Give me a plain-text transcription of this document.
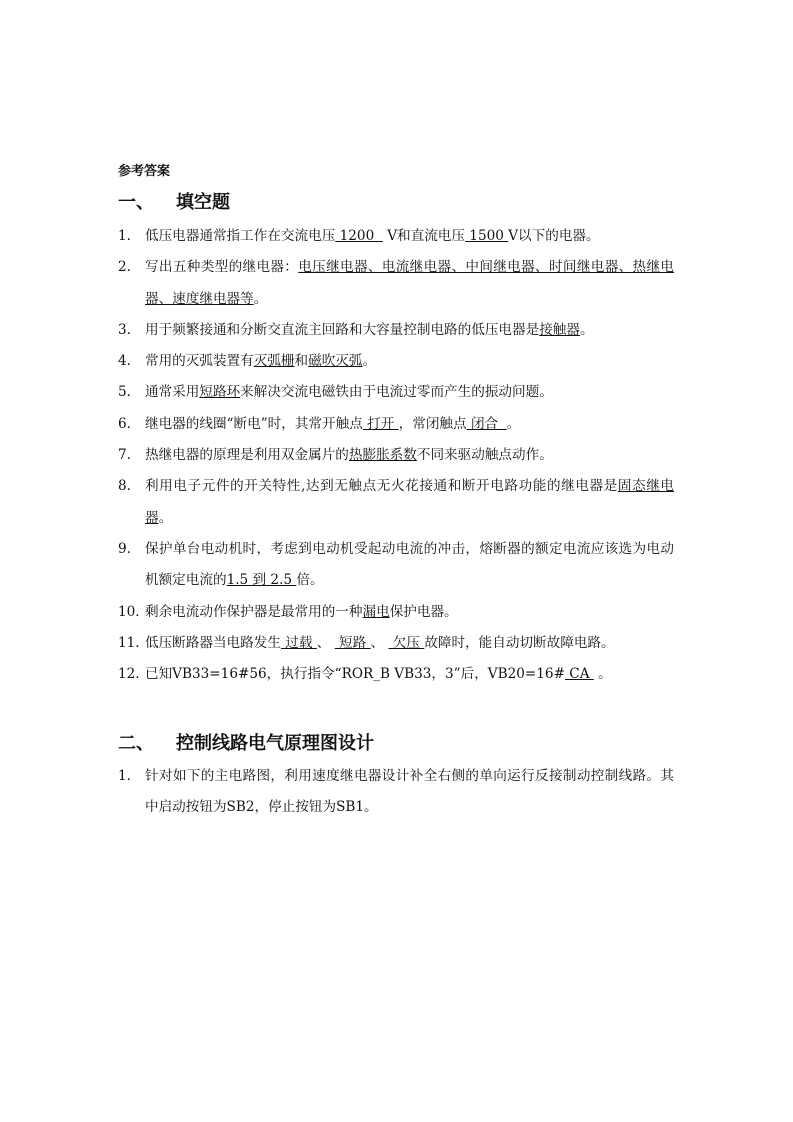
参考答案
一、 填空题
1. 低压电器通常指工作在交流电压 1200   V和直流电压 1500 V以下的电器。
2. 写出五种类型的继电器：电压继电器、电流继电器、中间继电器、时间继电器、热继电器、速度继电器等。
3. 用于频繁接通和分断交直流主回路和大容量控制电路的低压电器是接触器。
4. 常用的灭弧装置有灭弧栅和磁吹灭弧。
5. 通常采用短路环来解决交流电磁铁由于电流过零而产生的振动问题。
6. 继电器的线圈“断电”时，其常开触点 打开 ，常闭触点 闭合  。
7. 热继电器的原理是利用双金属片的热膨胀系数不同来驱动触点动作。
8. 利用电子元件的开关特性,达到无触点无火花接通和断开电路功能的继电器是固态继电器。
9. 保护单台电动机时，考虑到电动机受起动电流的冲击，熔断器的额定电流应该选为电动机额定电流的1.5 到 2.5 倍。
10. 剩余电流动作保护器是最常用的一种漏电保护电器。
11. 低压断路器当电路发生 过载 、  短路 、  欠压 故障时，能自动切断故障电路。
12. 已知VB33=16#56，执行指令“ROR_B VB33，3”后，VB20=16# CA  。
二、 控制线路电气原理图设计
1. 针对如下的主电路图，利用速度继电器设计补全右侧的单向运行反接制动控制线路。其中启动按钮为SB2，停止按钮为SB1。
